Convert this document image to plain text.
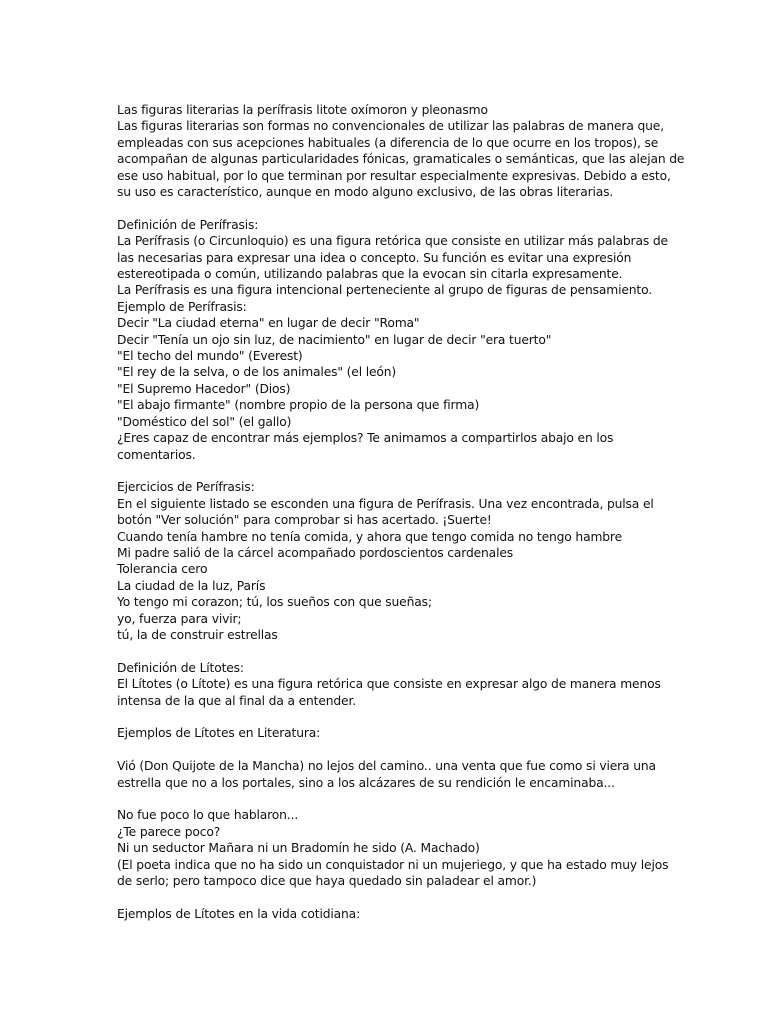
Las figuras literarias la perífrasis litote oxímoron y pleonasmo
Las figuras literarias son formas no convencionales de utilizar las palabras de manera que,
empleadas con sus acepciones habituales (a diferencia de lo que ocurre en los tropos), se
acompañan de algunas particularidades fónicas, gramaticales o semánticas, que las alejan de
ese uso habitual, por lo que terminan por resultar especialmente expresivas. Debido a esto,
su uso es característico, aunque en modo alguno exclusivo, de las obras literarias.
Definición de Perífrasis:
La Perífrasis (o Circunloquio) es una figura retórica que consiste en utilizar más palabras de
las necesarias para expresar una idea o concepto. Su función es evitar una expresión
estereotipada o común, utilizando palabras que la evocan sin citarla expresamente.
La Perífrasis es una figura intencional perteneciente al grupo de figuras de pensamiento.
Ejemplo de Perífrasis:
Decir "La ciudad eterna" en lugar de decir "Roma"
Decir "Tenía un ojo sin luz, de nacimiento" en lugar de decir "era tuerto"
"El techo del mundo" (Everest)
"El rey de la selva, o de los animales" (el león)
"El Supremo Hacedor" (Dios)
"El abajo firmante" (nombre propio de la persona que firma)
"Doméstico del sol" (el gallo)
¿Eres capaz de encontrar más ejemplos? Te animamos a compartirlos abajo en los
comentarios.
Ejercicios de Perífrasis:
En el siguiente listado se esconden una figura de Perífrasis. Una vez encontrada, pulsa el
botón "Ver solución" para comprobar si has acertado. ¡Suerte!
Cuando tenía hambre no tenía comida, y ahora que tengo comida no tengo hambre
Mi padre salió de la cárcel acompañado pordoscientos cardenales
Tolerancia cero
La ciudad de la luz, París
Yo tengo mi corazon; tú, los sueños con que sueñas;
yo, fuerza para vivir;
tú, la de construir estrellas
Definición de Lítotes:
El Lítotes (o Lítote) es una figura retórica que consiste en expresar algo de manera menos
intensa de la que al final da a entender.
Ejemplos de Lítotes en Literatura:
Vió (Don Quijote de la Mancha) no lejos del camino.. una venta que fue como si viera una
estrella que no a los portales, sino a los alcázares de su rendición le encaminaba...
No fue poco lo que hablaron...
¿Te parece poco?
Ni un seductor Mañara ni un Bradomín he sido (A. Machado)
(El poeta indica que no ha sido un conquistador ni un mujeriego, y que ha estado muy lejos
de serlo; pero tampoco dice que haya quedado sin paladear el amor.)
Ejemplos de Lítotes en la vida cotidiana:
